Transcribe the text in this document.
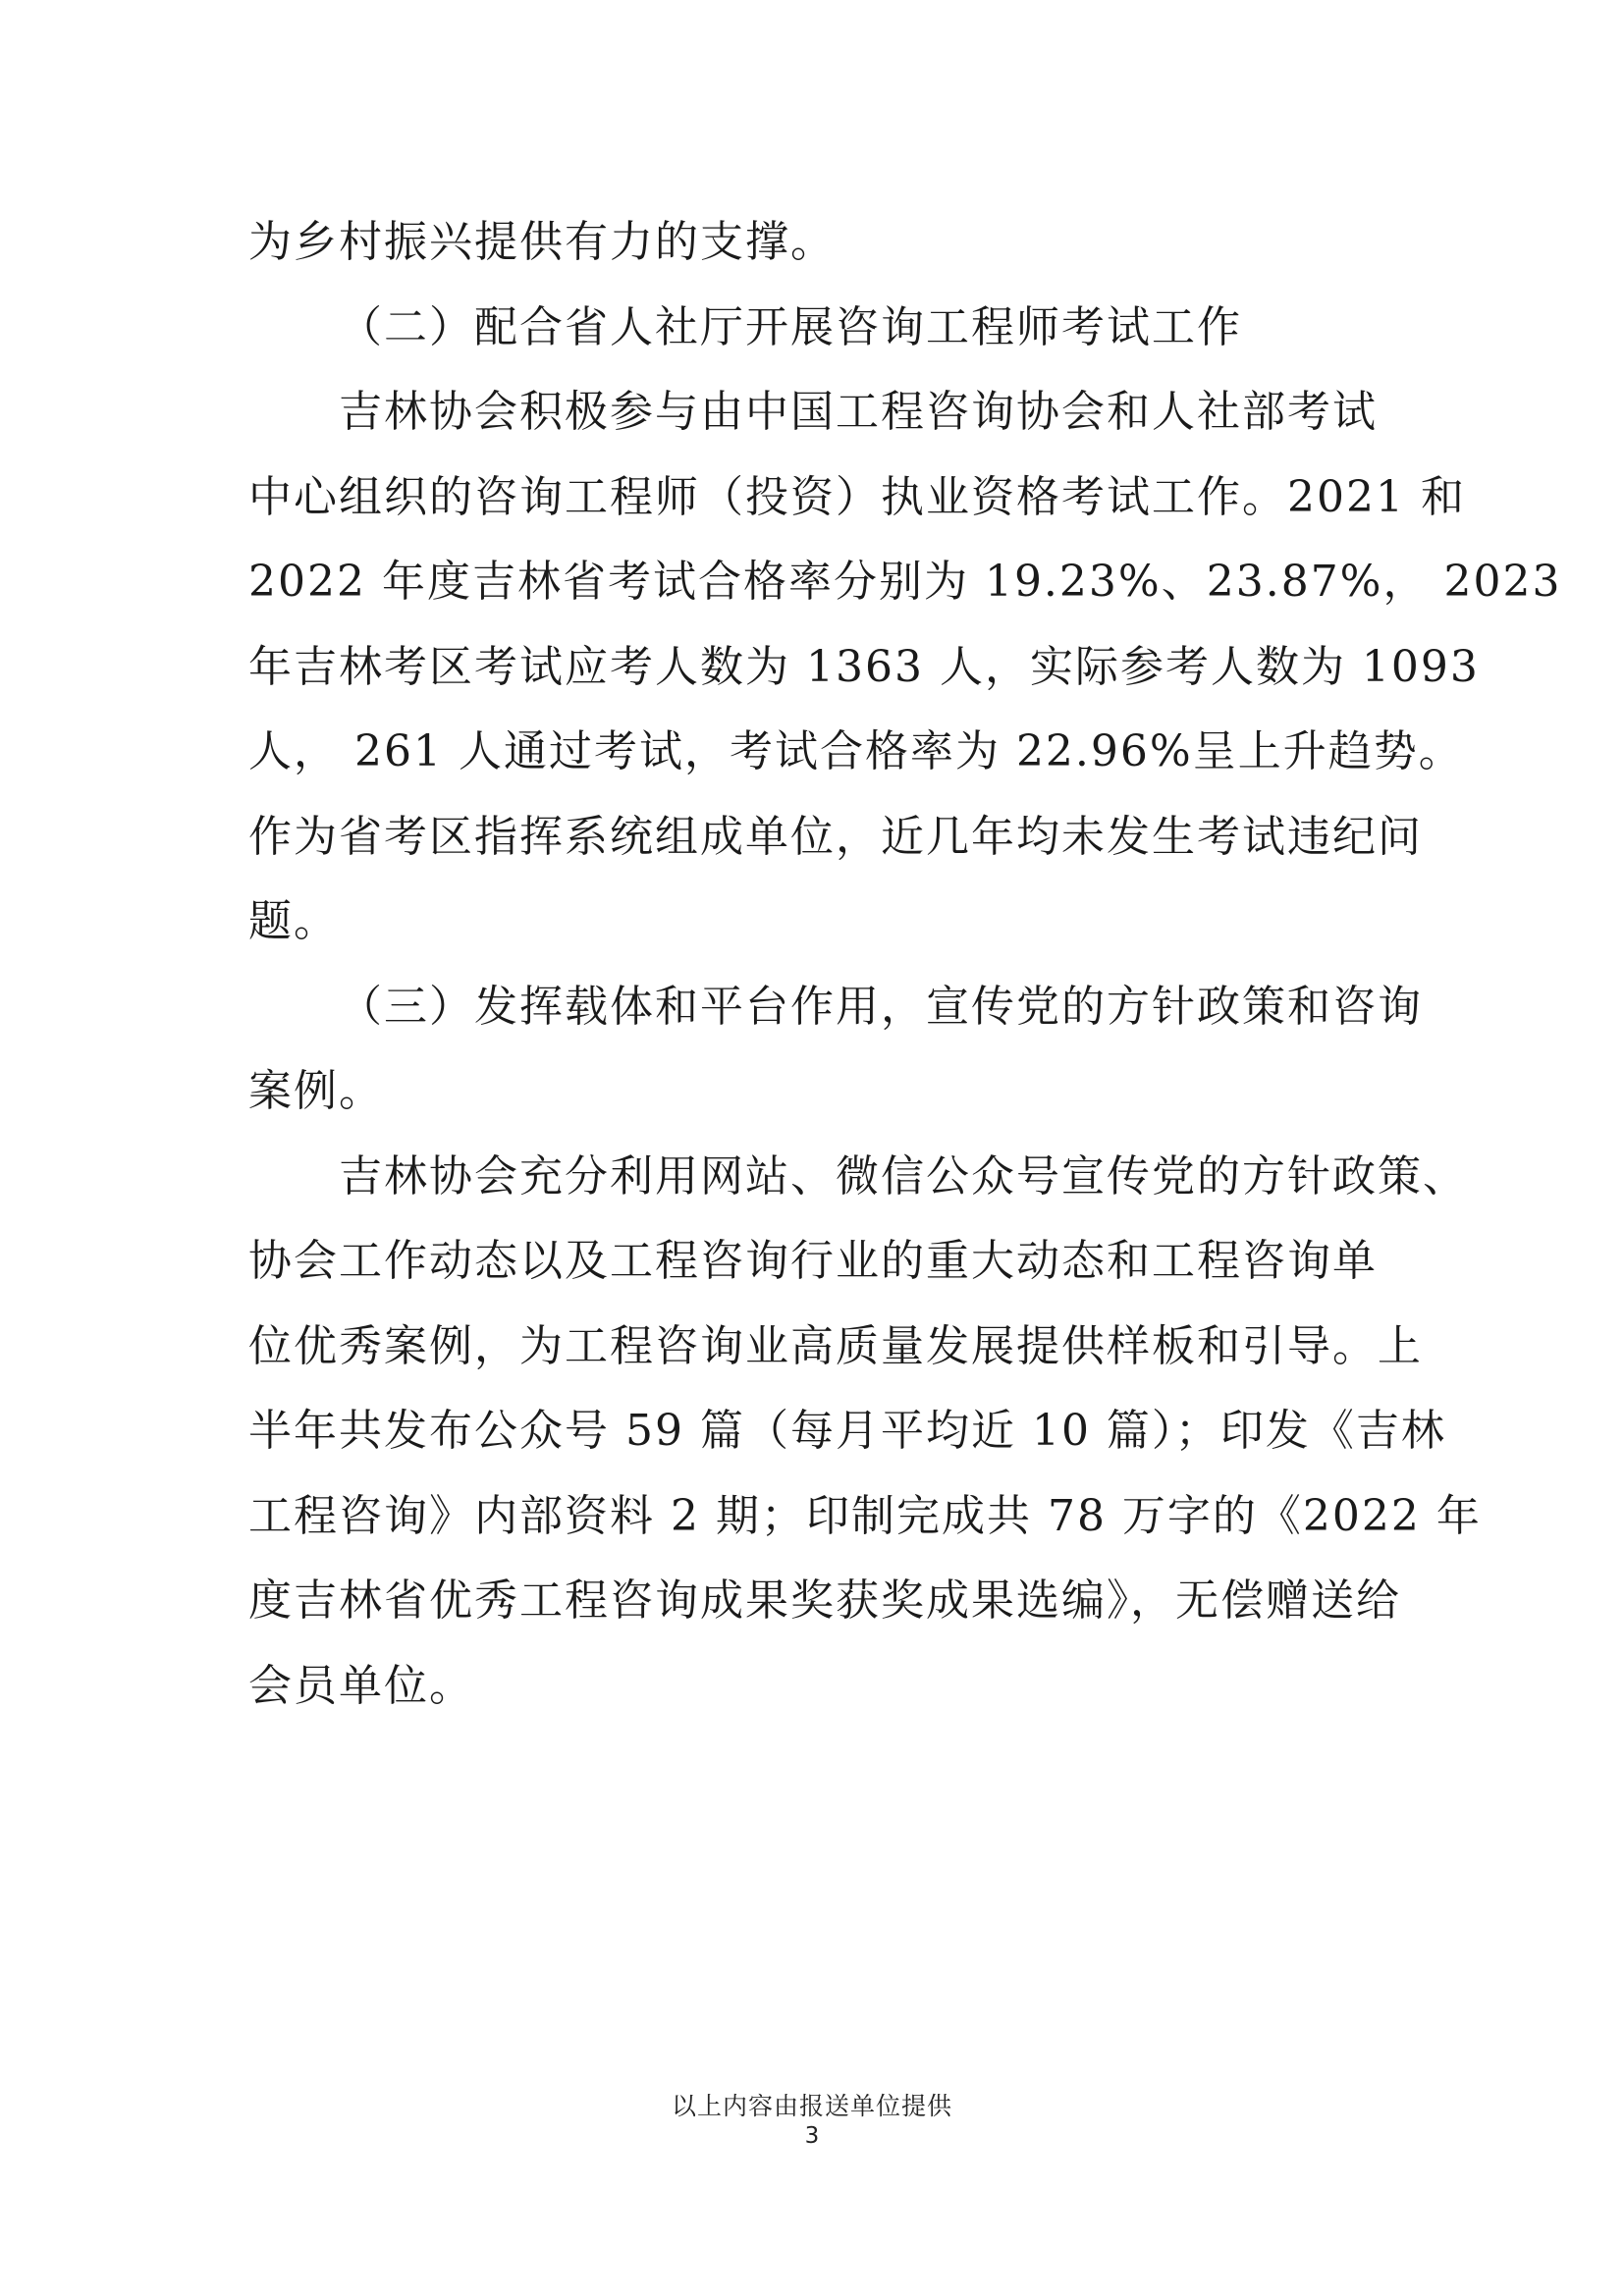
为乡村振兴提供有力的支撑。
（二）配合省人社厅开展咨询工程师考试工作
吉林协会积极参与由中国工程咨询协会和人社部考试
中心组织的咨询工程师（投资）执业资格考试工作。2021 和
2022 年度吉林省考试合格率分别为 19.23%、23.87%， 2023
年吉林考区考试应考人数为 1363 人，实际参考人数为 1093
人， 261 人通过考试，考试合格率为 22.96%呈上升趋势。
作为省考区指挥系统组成单位，近几年均未发生考试违纪问
题。
（三）发挥载体和平台作用，宣传党的方针政策和咨询
案例。
吉林协会充分利用网站、微信公众号宣传党的方针政策、
协会工作动态以及工程咨询行业的重大动态和工程咨询单
位优秀案例，为工程咨询业高质量发展提供样板和引导。上
半年共发布公众号 59 篇（每月平均近 10 篇）；印发《吉林
工程咨询》内部资料 2 期；印制完成共 78 万字的《2022 年
度吉林省优秀工程咨询成果奖获奖成果选编》，无偿赠送给
会员单位。
以上内容由报送单位提供
3
